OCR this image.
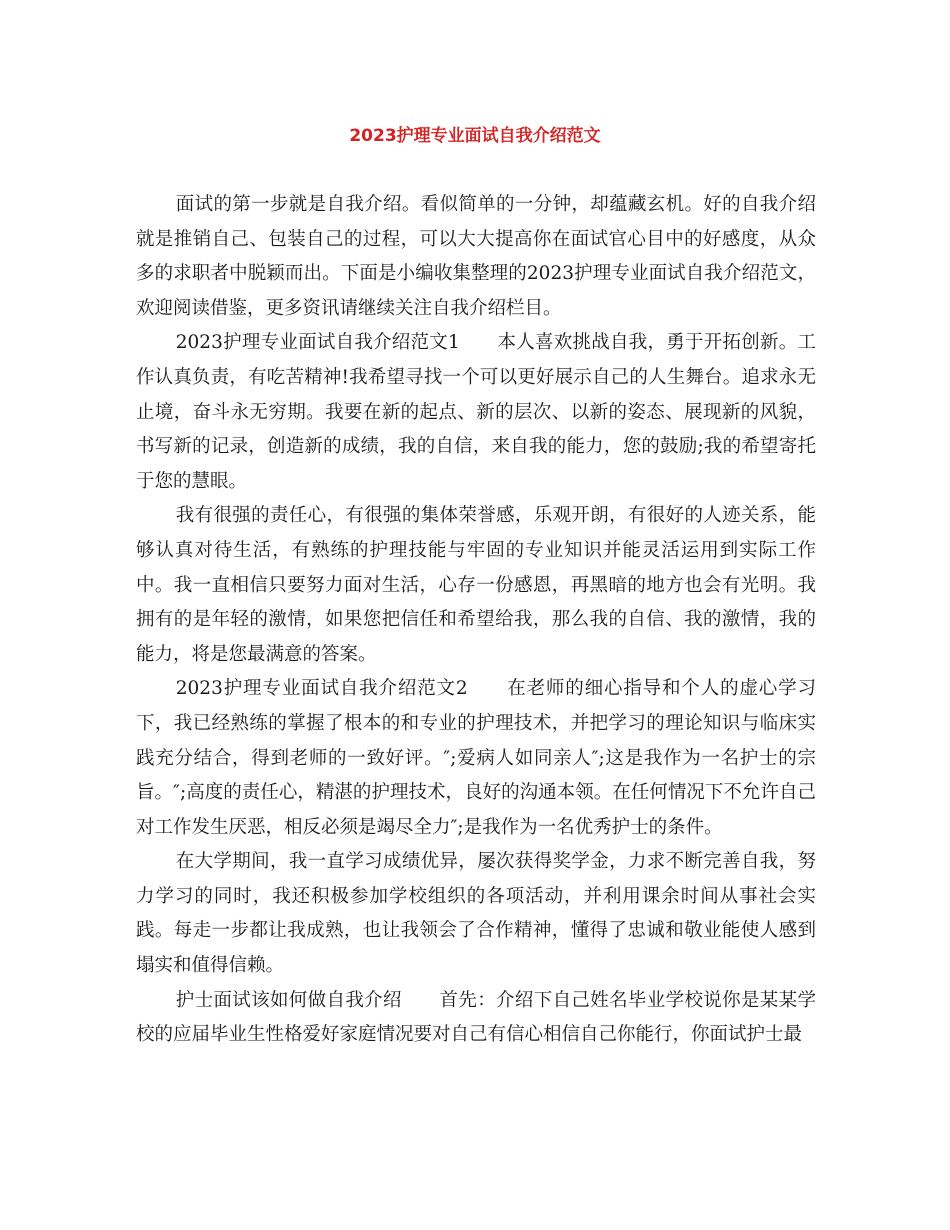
2023护理专业面试自我介绍范文

面试的第一步就是自我介绍。看似简单的一分钟，却蕴藏玄机。好的自我介绍就是推销自己、包装自己的过程，可以大大提高你在面试官心目中的好感度，从众多的求职者中脱颖而出。下面是小编收集整理的2023护理专业面试自我介绍范文，欢迎阅读借鉴，更多资讯请继续关注自我介绍栏目。

2023护理专业面试自我介绍范文1　　本人喜欢挑战自我，勇于开拓创新。工作认真负责，有吃苦精神!我希望寻找一个可以更好展示自己的人生舞台。追求永无止境，奋斗永无穷期。我要在新的起点、新的层次、以新的姿态、展现新的风貌，书写新的记录，创造新的成绩，我的自信，来自我的能力，您的鼓励;我的希望寄托于您的慧眼。

我有很强的责任心，有很强的集体荣誉感，乐观开朗，有很好的人迹关系，能够认真对待生活，有熟练的护理技能与牢固的专业知识并能灵活运用到实际工作中。我一直相信只要努力面对生活，心存一份感恩，再黑暗的地方也会有光明。我拥有的是年轻的激情，如果您把信任和希望给我，那么我的自信、我的激情，我的能力，将是您最满意的答案。

2023护理专业面试自我介绍范文2　　在老师的细心指导和个人的虚心学习下，我已经熟练的掌握了根本的和专业的护理技术，并把学习的理论知识与临床实践充分结合，得到老师的一致好评。″;爱病人如同亲人″;这是我作为一名护士的宗旨。″;高度的责任心，精湛的护理技术，良好的沟通本领。在任何情况下不允许自己对工作发生厌恶，相反必须是竭尽全力″;是我作为一名优秀护士的条件。

在大学期间，我一直学习成绩优异，屡次获得奖学金，力求不断完善自我，努力学习的同时，我还积极参加学校组织的各项活动，并利用课余时间从事社会实践。每走一步都让我成熟，也让我领会了合作精神，懂得了忠诚和敬业能使人感到塌实和值得信赖。

护士面试该如何做自我介绍　　首先：介绍下自己姓名毕业学校说你是某某学校的应届毕业生性格爱好家庭情况要对自己有信心相信自己你能行，你面试护士最
